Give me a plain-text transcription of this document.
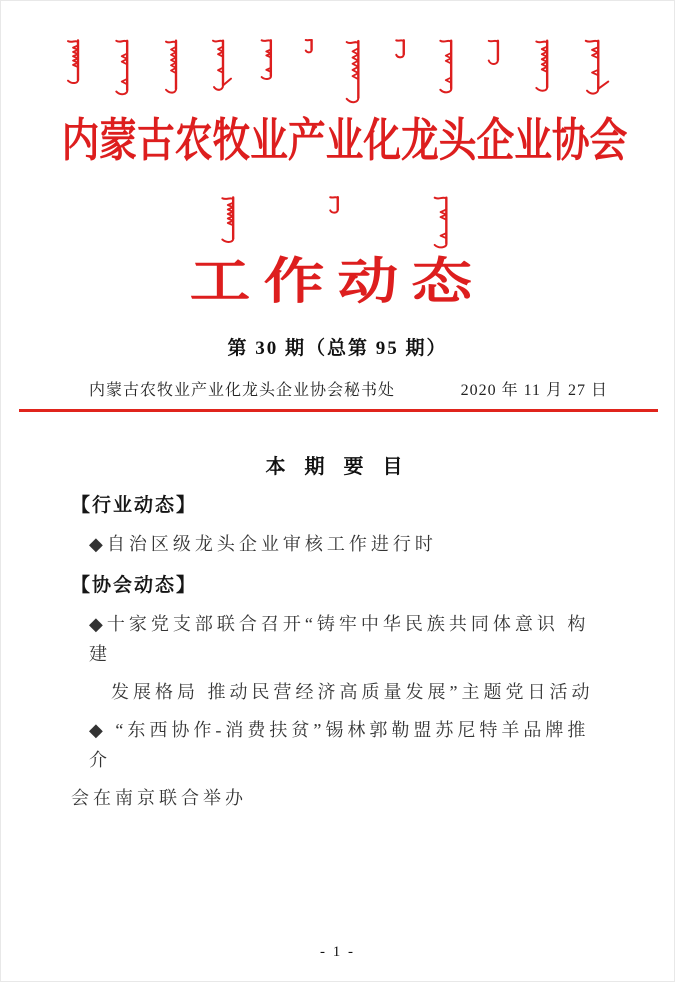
内蒙古农牧业产业化龙头企业协会
工作动态
第 30 期（总第 95 期）
内蒙古农牧业产业化龙头企业协会秘书处	2020 年 11 月 27 日
本 期 要 目
【行业动态】
◆自治区级龙头企业审核工作进行时
【协会动态】
◆十家党支部联合召开“铸牢中华民族共同体意识 构建
发展格局 推动民营经济高质量发展”主题党日活动
◆ “东西协作-消费扶贫”锡林郭勒盟苏尼特羊品牌推介
会在南京联合举办
- 1 -
